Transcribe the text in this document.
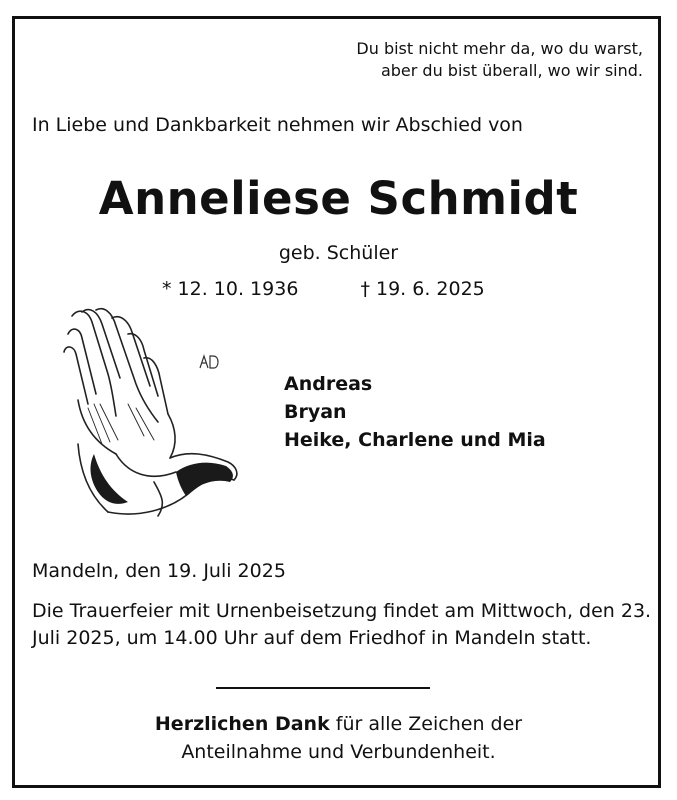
Du bist nicht mehr da, wo du warst,
aber du bist überall, wo wir sind.
In Liebe und Dankbarkeit nehmen wir Abschied von
Anneliese Schmidt
geb. Schüler
* 12. 10. 1936	† 19. 6. 2025
Andreas
Bryan
Heike, Charlene und Mia
Mandeln, den 19. Juli 2025
Die Trauerfeier mit Urnenbeisetzung findet am Mittwoch, den 23. Juli 2025, um 14.00 Uhr auf dem Friedhof in Mandeln statt.
Herzlichen Dank für alle Zeichen der
Anteilnahme und Verbundenheit.
